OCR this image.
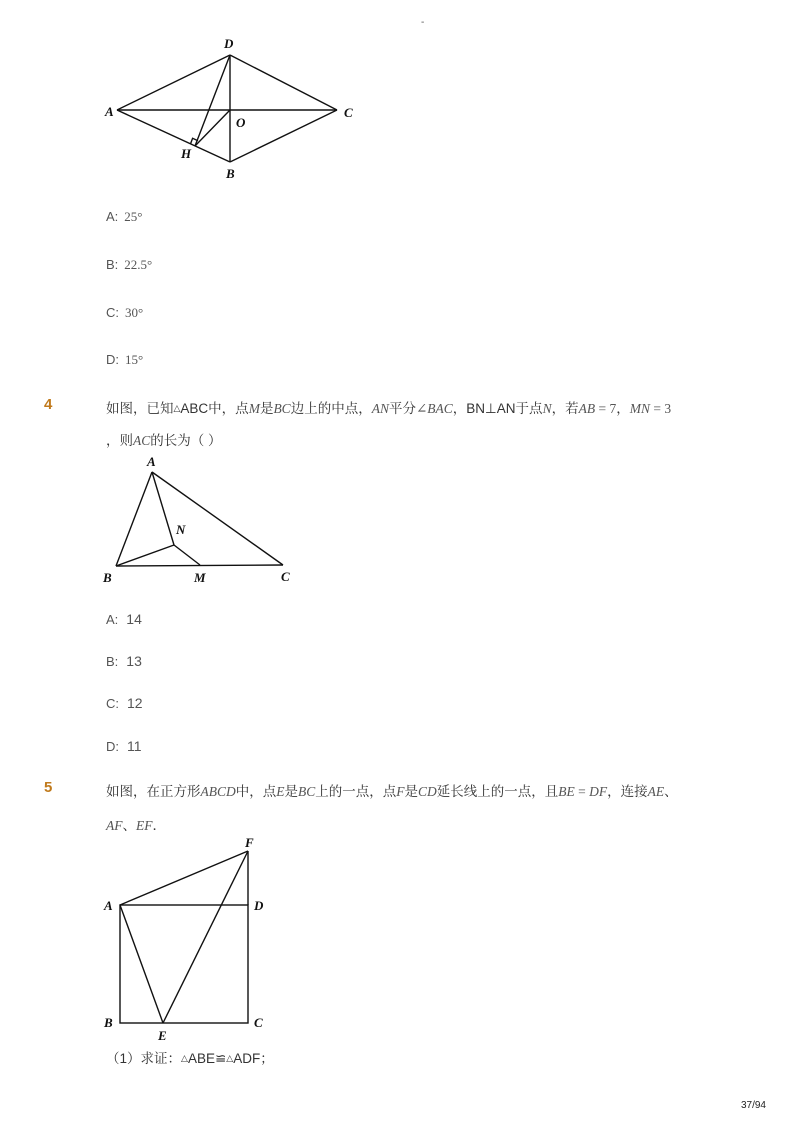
-
A
D
C
O
H
B
A: 25°
B: 22.5°
C: 30°
D: 15°
4	如图，已知△ABC中，点M是BC边上的中点，AN平分∠BAC，BN⊥AN于点N，若AB = 7，MN = 3
，则AC的长为（ ）
A
N
B	M	C
A: 14
B: 13
C: 12
D: 11
5	如图，在正方形ABCD中，点E是BC上的一点，点F是CD延长线上的一点，且BE = DF，连接AE、
AF、EF．
F
A	D
B	C
E
（1）求证：△ABE≌△ADF；
37/94
